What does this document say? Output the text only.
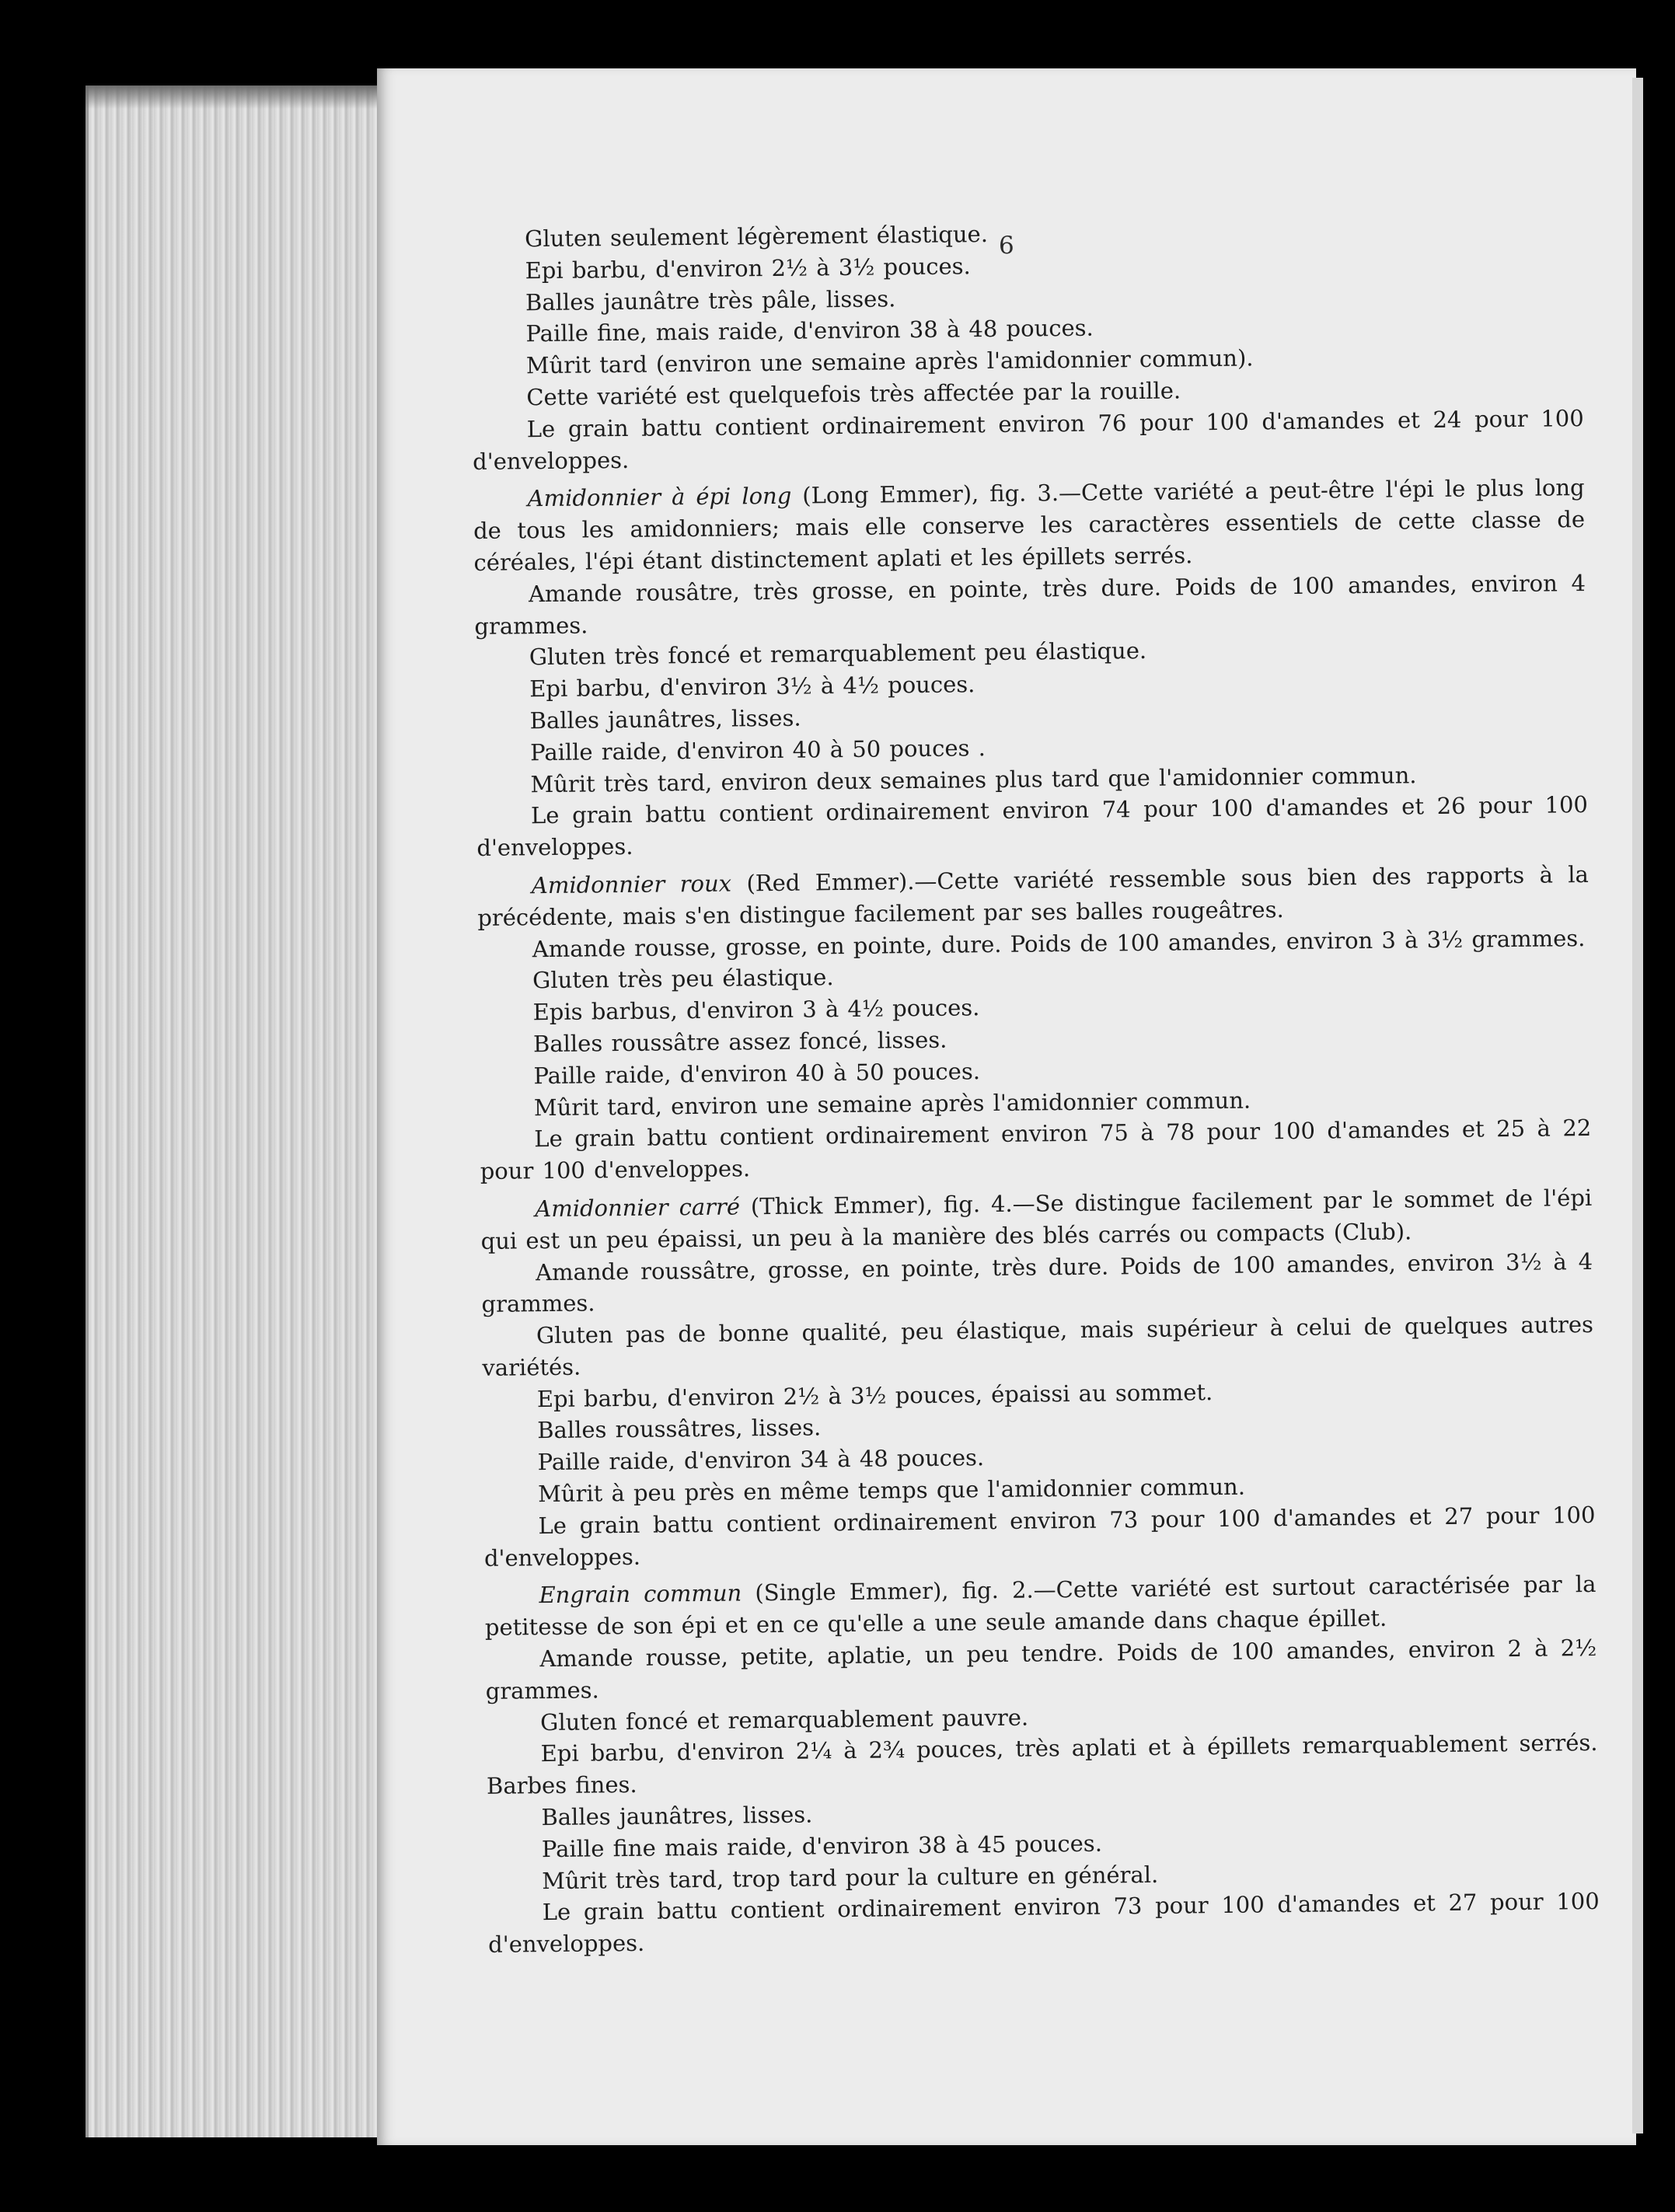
6

Gluten seulement légèrement élastique.

Epi barbu, d'environ 2½ à 3½ pouces.

Balles jaunâtre très pâle, lisses.

Paille fine, mais raide, d'environ 38 à 48 pouces.

Mûrit tard (environ une semaine après l'amidonnier commun).

Cette variété est quelquefois très affectée par la rouille.

Le grain battu contient ordinairement environ 76 pour 100 d'amandes et 24 pour 100 d'enveloppes.

Amidonnier à épi long (Long Emmer), fig. 3.—Cette variété a peut-être l'épi le plus long de tous les amidonniers; mais elle conserve les caractères essentiels de cette classe de céréales, l'épi étant distinctement aplati et les épillets serrés.

Amande rousâtre, très grosse, en pointe, très dure. Poids de 100 amandes, environ 4 grammes.

Gluten très foncé et remarquablement peu élastique.

Epi barbu, d'environ 3½ à 4½ pouces.

Balles jaunâtres, lisses.

Paille raide, d'environ 40 à 50 pouces .

Mûrit très tard, environ deux semaines plus tard que l'amidonnier commun.

Le grain battu contient ordinairement environ 74 pour 100 d'amandes et 26 pour 100 d'enveloppes.

Amidonnier roux (Red Emmer).—Cette variété ressemble sous bien des rapports à la précédente, mais s'en distingue facilement par ses balles rougeâtres.

Amande rousse, grosse, en pointe, dure. Poids de 100 amandes, environ 3 à 3½ grammes.

Gluten très peu élastique.

Epis barbus, d'environ 3 à 4½ pouces.

Balles roussâtre assez foncé, lisses.

Paille raide, d'environ 40 à 50 pouces.

Mûrit tard, environ une semaine après l'amidonnier commun.

Le grain battu contient ordinairement environ 75 à 78 pour 100 d'amandes et 25 à 22 pour 100 d'enveloppes.

Amidonnier carré (Thick Emmer), fig. 4.—Se distingue facilement par le sommet de l'épi qui est un peu épaissi, un peu à la manière des blés carrés ou compacts (Club).

Amande roussâtre, grosse, en pointe, très dure. Poids de 100 amandes, environ 3½ à 4 grammes.

Gluten pas de bonne qualité, peu élastique, mais supérieur à celui de quelques autres variétés.

Epi barbu, d'environ 2½ à 3½ pouces, épaissi au sommet.

Balles roussâtres, lisses.

Paille raide, d'environ 34 à 48 pouces.

Mûrit à peu près en même temps que l'amidonnier commun.

Le grain battu contient ordinairement environ 73 pour 100 d'amandes et 27 pour 100 d'enveloppes.

Engrain commun (Single Emmer), fig. 2.—Cette variété est surtout caractérisée par la petitesse de son épi et en ce qu'elle a une seule amande dans chaque épillet.

Amande rousse, petite, aplatie, un peu tendre. Poids de 100 amandes, environ 2 à 2½ grammes.

Gluten foncé et remarquablement pauvre.

Epi barbu, d'environ 2¼ à 2¾ pouces, très aplati et à épillets remarquablement serrés. Barbes fines.

Balles jaunâtres, lisses.

Paille fine mais raide, d'environ 38 à 45 pouces.

Mûrit très tard, trop tard pour la culture en général.

Le grain battu contient ordinairement environ 73 pour 100 d'amandes et 27 pour 100 d'enveloppes.
